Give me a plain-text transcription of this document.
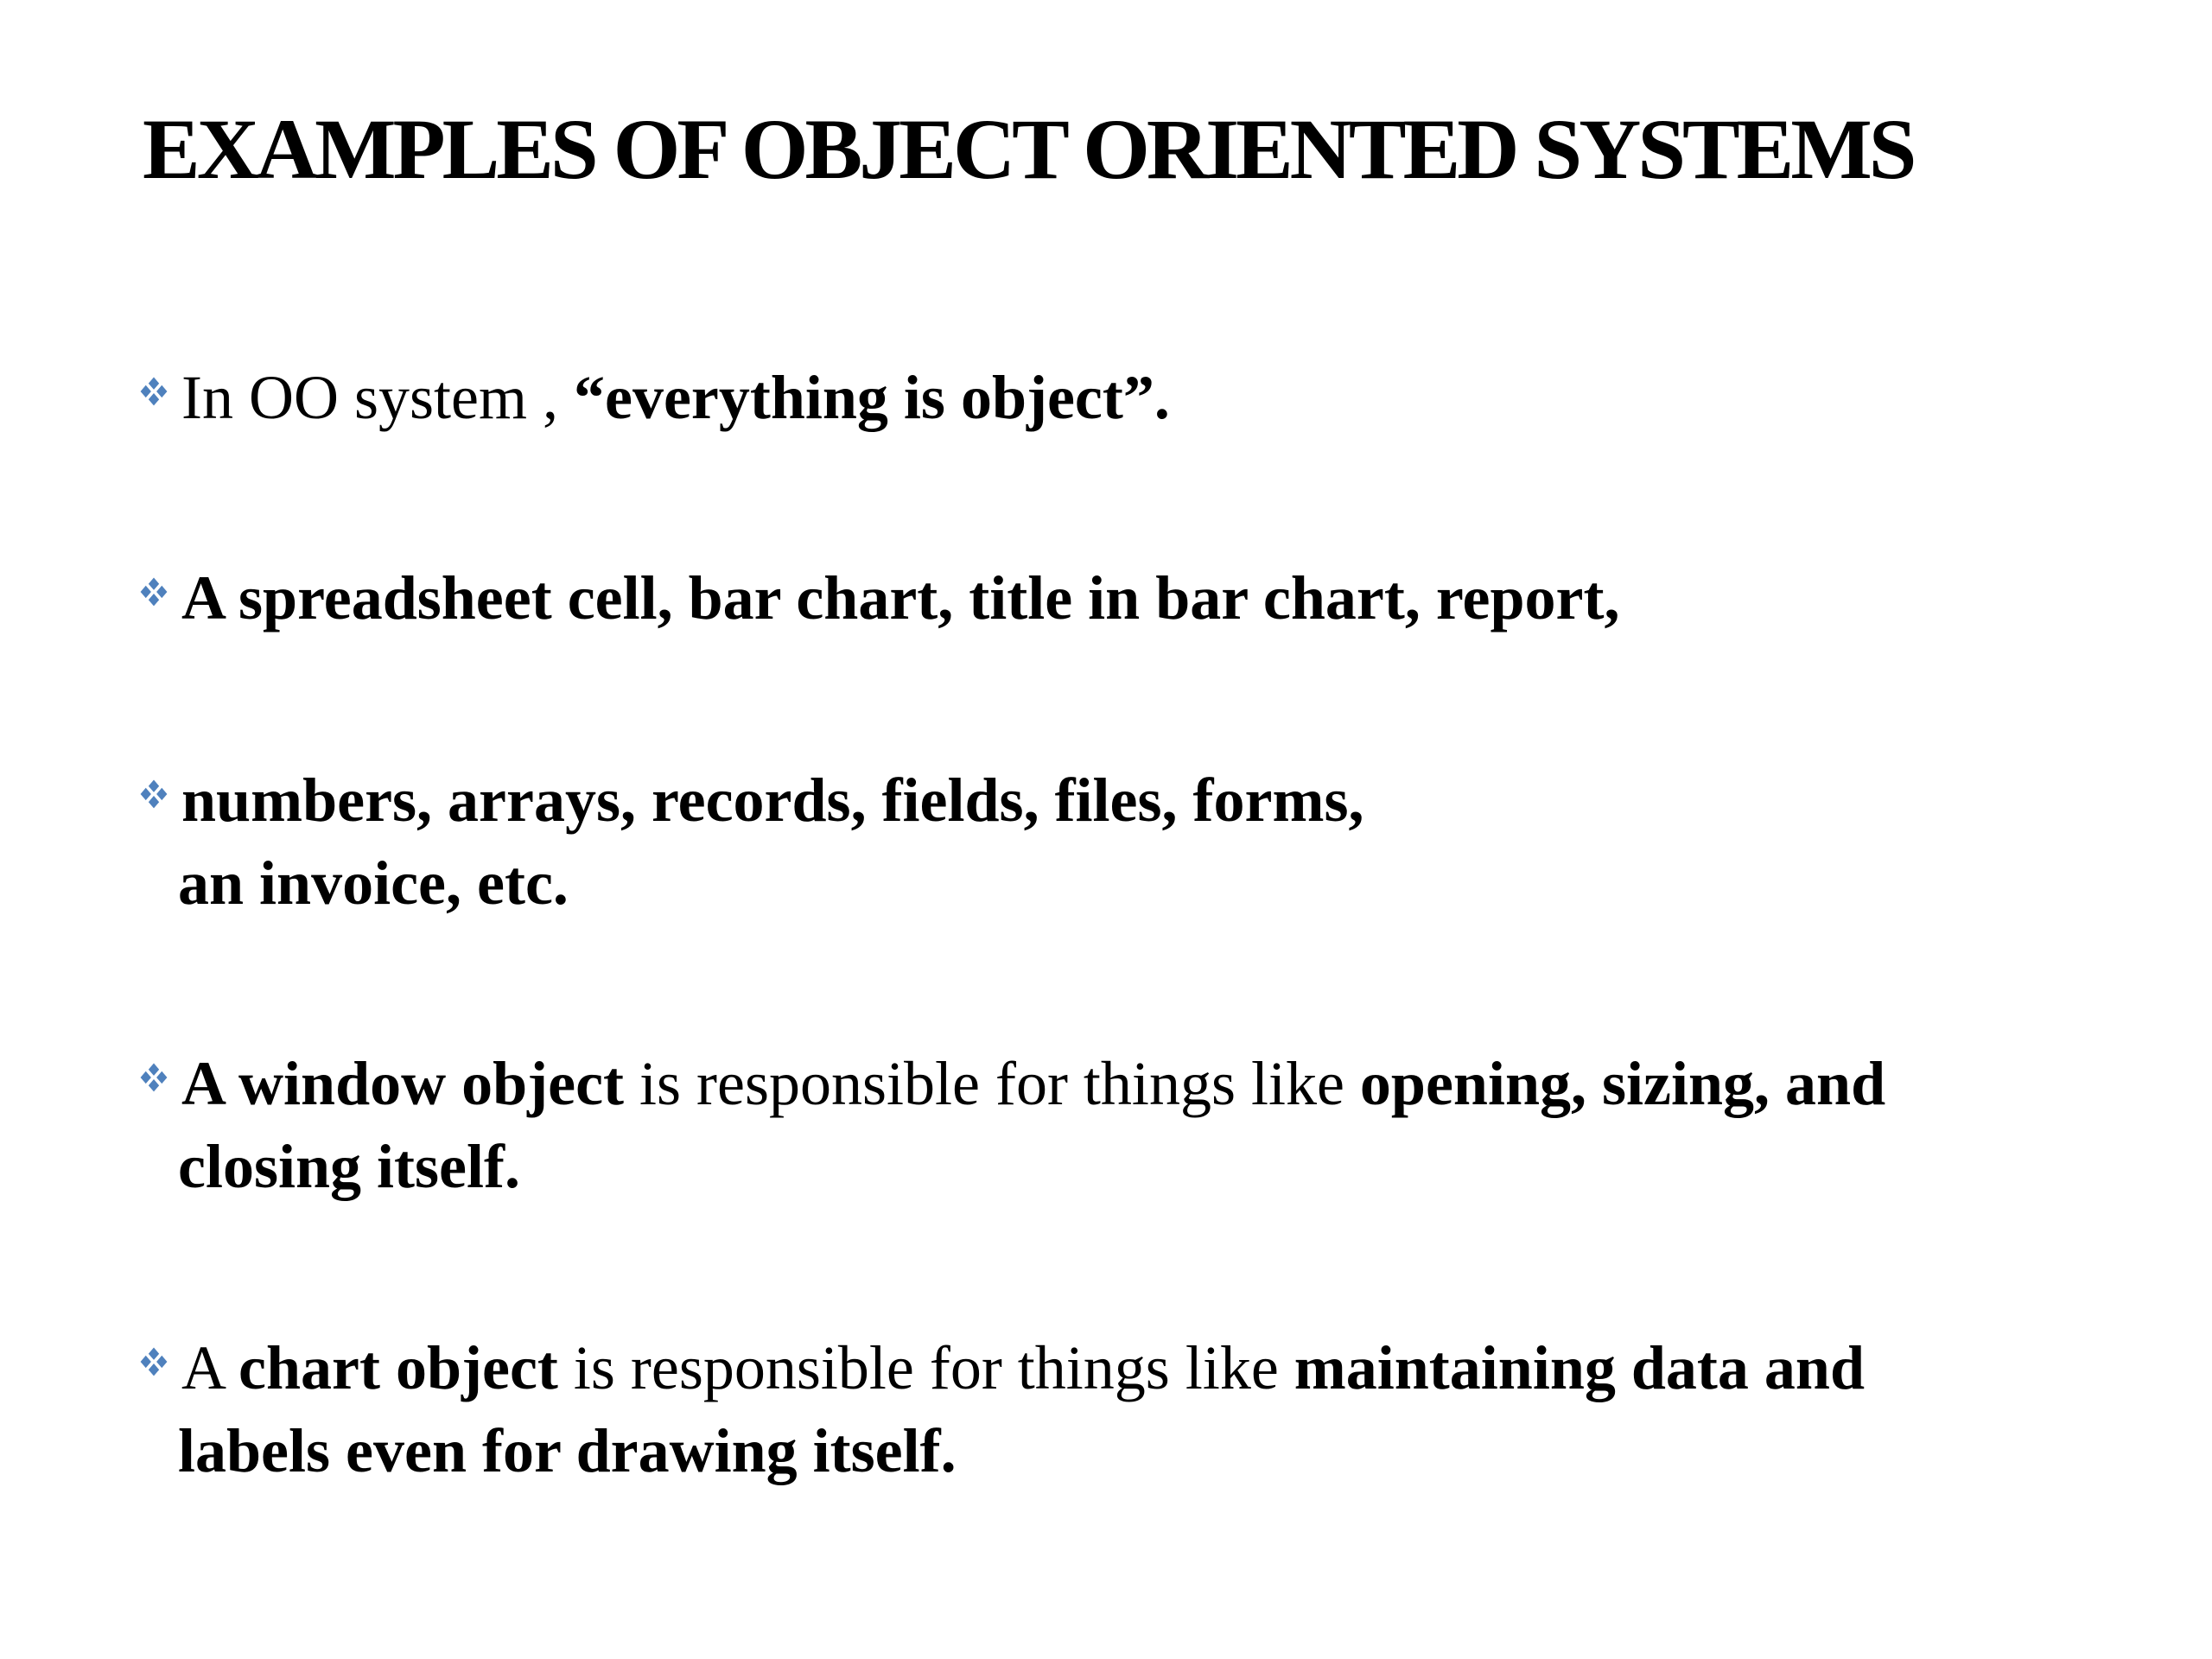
EXAMPLES OF OBJECT ORIENTED SYSTEMS
In OO system , “everything is object”.
A spreadsheet cell, bar chart, title in bar chart, report,
numbers, arrays, records, fields, files, forms,
an invoice, etc.
A window object is responsible for things like opening, sizing, and
closing itself.
A chart object is responsible for things like maintaining data and
labels even for drawing itself.
